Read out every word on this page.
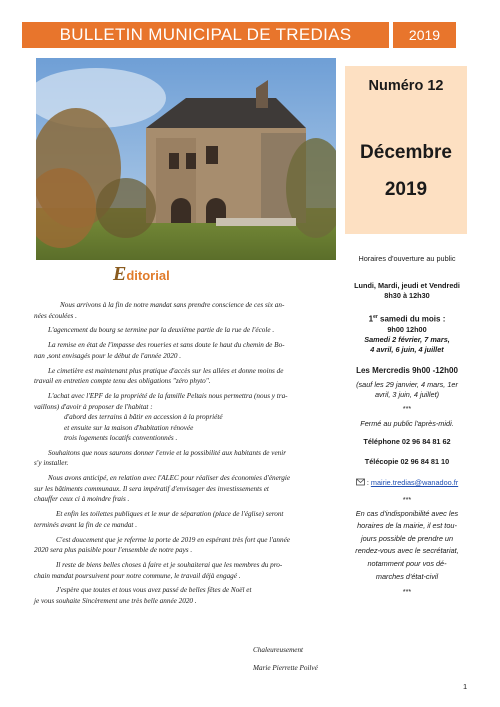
BULLETIN MUNICIPAL DE TREDIAS	2019
Numéro 12
Décembre
2019
Editorial
Horaires d'ouverture au public
Lundi, Mardi, jeudi et Vendredi
8h30 à 12h30
1er samedi du mois :
9h00 12h00
Samedi 2 février, 7 mars,
4 avril, 6 juin, 4 juillet
Les Mercredis 9h00 -12h00
(sauf les 29 janvier, 4 mars, 1er
avril, 3 juin, 4 juillet)
***
Fermé au public l'après-midi.
Téléphone 02 96 84 81 62
Télécopie 02 96 84 81 10
: mairie.tredias@wanadoo.fr
***
En cas d'indisponibilité avec les
horaires de la mairie, il est tou-
jours possible de prendre un
rendez-vous avec le secrétariat,
notamment pour vos dé-
marches d'état-civil
***

Nous arrivons à la fin de notre mandat sans prendre conscience de ces six an-
nées écoulées .

L'agencement du bourg se termine par la deuxième partie de la rue de l'école .

La remise en état de l'impasse des roueries et sans doute le haut du chemin de Bo-
nan ,sont envisagés pour le début de l'année 2020 .

Le cimetière est maintenant plus pratique d'accès sur les allées et donne moins de
travail en entretien compte tenu des obligations "zéro phyto".

L'achat avec l'EPF de la propriété de la famille Peltais nous permettra (nous y tra-
vaillons) d'avoir à proposer de l'habitat :
d'abord des terrains à bâtir en accession à la propriété
et ensuite sur la maison d'habitation rénovée
trois logements locatifs conventionnés .

Souhaitons que nous saurons donner l'envie et la possibilité aux habitants de venir
s'y installer.

Nous avons anticipé, en relation avec l'ALEC pour réaliser des économies d'énergie
sur les bâtiments communaux. Il sera impératif d'envisager des investissements et
chauffer ceux ci à moindre frais .

Et enfin les toilettes publiques et le mur de séparation (place de l'église) seront
terminés avant la fin de ce mandat .

C'est doucement que je referme la porte de 2019 en espérant très fort que l'année
2020 sera plus paisible pour l'ensemble de notre pays .

Il reste de biens belles choses à faire et je souhaiterai que les membres du pro-
chain mandat poursuivent pour notre commune, le travail déjà engagé .

J'espère que toutes et tous vous avez passé de belles fêtes de Noël et
je vous souhaite Sincèrement une très belle année 2020 .

Chaleureusement
Marie Pierrette Poilvé
1
